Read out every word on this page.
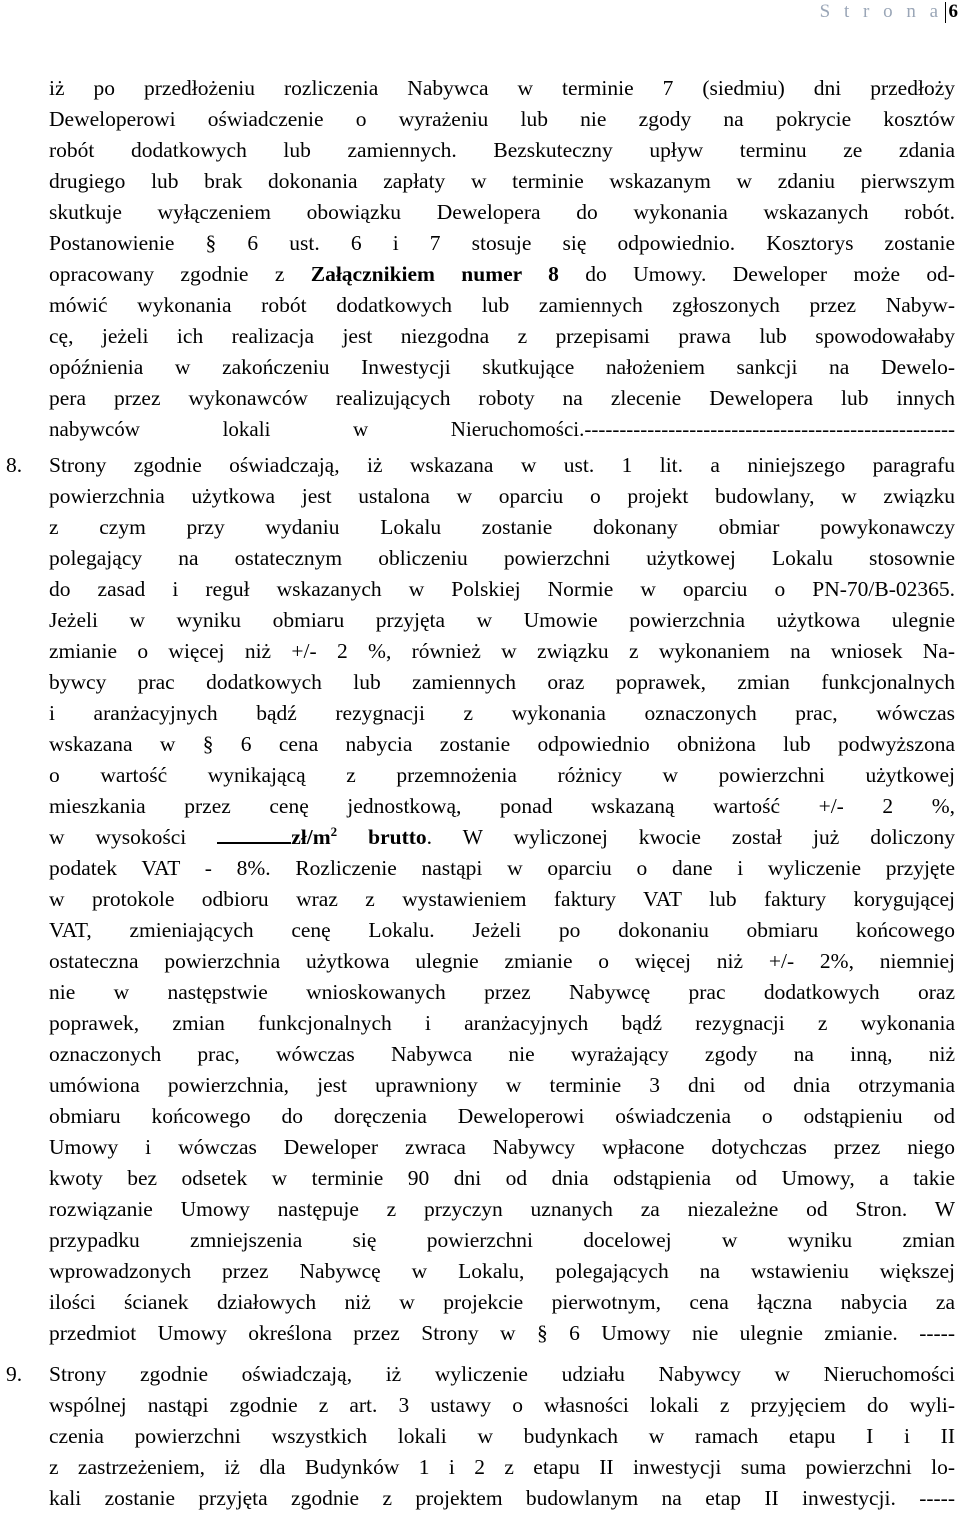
S t r o n a 6
iż po przedłożeniu rozliczenia Nabywca w terminie 7 (siedmiu) dni przedłoży
Deweloperowi oświadczenie o wyrażeniu lub nie zgody na pokrycie kosztów
robót dodatkowych lub zamiennych. Bezskuteczny upływ terminu ze zdania
drugiego lub brak dokonania zapłaty w terminie wskazanym w zdaniu pierwszym
skutkuje wyłączeniem obowiązku Dewelopera do wykonania wskazanych robót.
Postanowienie § 6 ust. 6 i 7 stosuje się odpowiednio. Kosztorys zostanie
opracowany zgodnie z Załącznikiem numer 8 do Umowy. Deweloper może od-
mówić wykonania robót dodatkowych lub zamiennych zgłoszonych przez Nabyw-
cę, jeżeli ich realizacja jest niezgodna z przepisami prawa lub spowodowałaby
opóźnienia w zakończeniu Inwestycji skutkujące nałożeniem sankcji na Dewelo-
pera przez wykonawców realizujących roboty na zlecenie Dewelopera lub innych
nabywców lokali w Nieruchomości.-----------------------------------------------------
8.	Strony zgodnie oświadczają, iż wskazana w ust. 1 lit. a niniejszego paragrafu
powierzchnia użytkowa jest ustalona w oparciu o projekt budowlany, w związku
z czym przy wydaniu Lokalu zostanie dokonany obmiar powykonawczy
polegający na ostatecznym obliczeniu powierzchni użytkowej Lokalu stosownie
do zasad i reguł wskazanych w Polskiej Normie w oparciu o PN-70/B-02365.
Jeżeli w wyniku obmiaru przyjęta w Umowie powierzchnia użytkowa ulegnie
zmianie o więcej niż +/- 2 %, również w związku z wykonaniem na wniosek Na-
bywcy prac dodatkowych lub zamiennych oraz poprawek, zmian funkcjonalnych
i aranżacyjnych bądź rezygnacji z wykonania oznaczonych prac, wówczas
wskazana w § 6 cena nabycia zostanie odpowiednio obniżona lub podwyższona
o wartość wynikającą z przemnożenia różnicy w powierzchni użytkowej
mieszkania przez cenę jednostkową, ponad wskazaną wartość +/- 2 %,
w wysokości	$zł/m^2$ brutto. W wyliczonej kwocie został już doliczony
podatek VAT - 8%. Rozliczenie nastąpi w oparciu o dane i wyliczenie przyjęte
w protokole odbioru wraz z wystawieniem faktury VAT lub faktury korygującej
VAT, zmieniających cenę Lokalu. Jeżeli po dokonaniu obmiaru końcowego
ostateczna powierzchnia użytkowa ulegnie zmianie o więcej niż +/- 2%, niemniej
nie w następstwie wnioskowanych przez Nabywcę prac dodatkowych oraz
poprawek, zmian funkcjonalnych i aranżacyjnych bądź rezygnacji z wykonania
oznaczonych prac, wówczas Nabywca nie wyrażający zgody na inną, niż
umówiona powierzchnia, jest uprawniony w terminie 3 dni od dnia otrzymania
obmiaru końcowego do doręczenia Deweloperowi oświadczenia o odstąpieniu od
Umowy i wówczas Deweloper zwraca Nabywcy wpłacone dotychczas przez niego
kwoty bez odsetek w terminie 90 dni od dnia odstąpienia od Umowy, a takie
rozwiązanie Umowy następuje z przyczyn uznanych za niezależne od Stron. W
przypadku zmniejszenia się powierzchni docelowej w wyniku zmian
wprowadzonych przez Nabywcę w Lokalu, polegających na wstawieniu większej
ilości ścianek działowych niż w projekcie pierwotnym, cena łączna nabycia za
przedmiot Umowy określona przez Strony w § 6 Umowy nie ulegnie zmianie. -----
9.	Strony zgodnie oświadczają, iż wyliczenie udziału Nabywcy w Nieruchomości
wspólnej nastąpi zgodnie z art. 3 ustawy o własności lokali z przyjęciem do wyli-
czenia powierzchni wszystkich lokali w budynkach w ramach etapu I i II
z zastrzeżeniem, iż dla Budynków 1 i 2 z etapu II inwestycji suma powierzchni lo-
kali zostanie przyjęta zgodnie z projektem budowlanym na etap II inwestycji. -----
